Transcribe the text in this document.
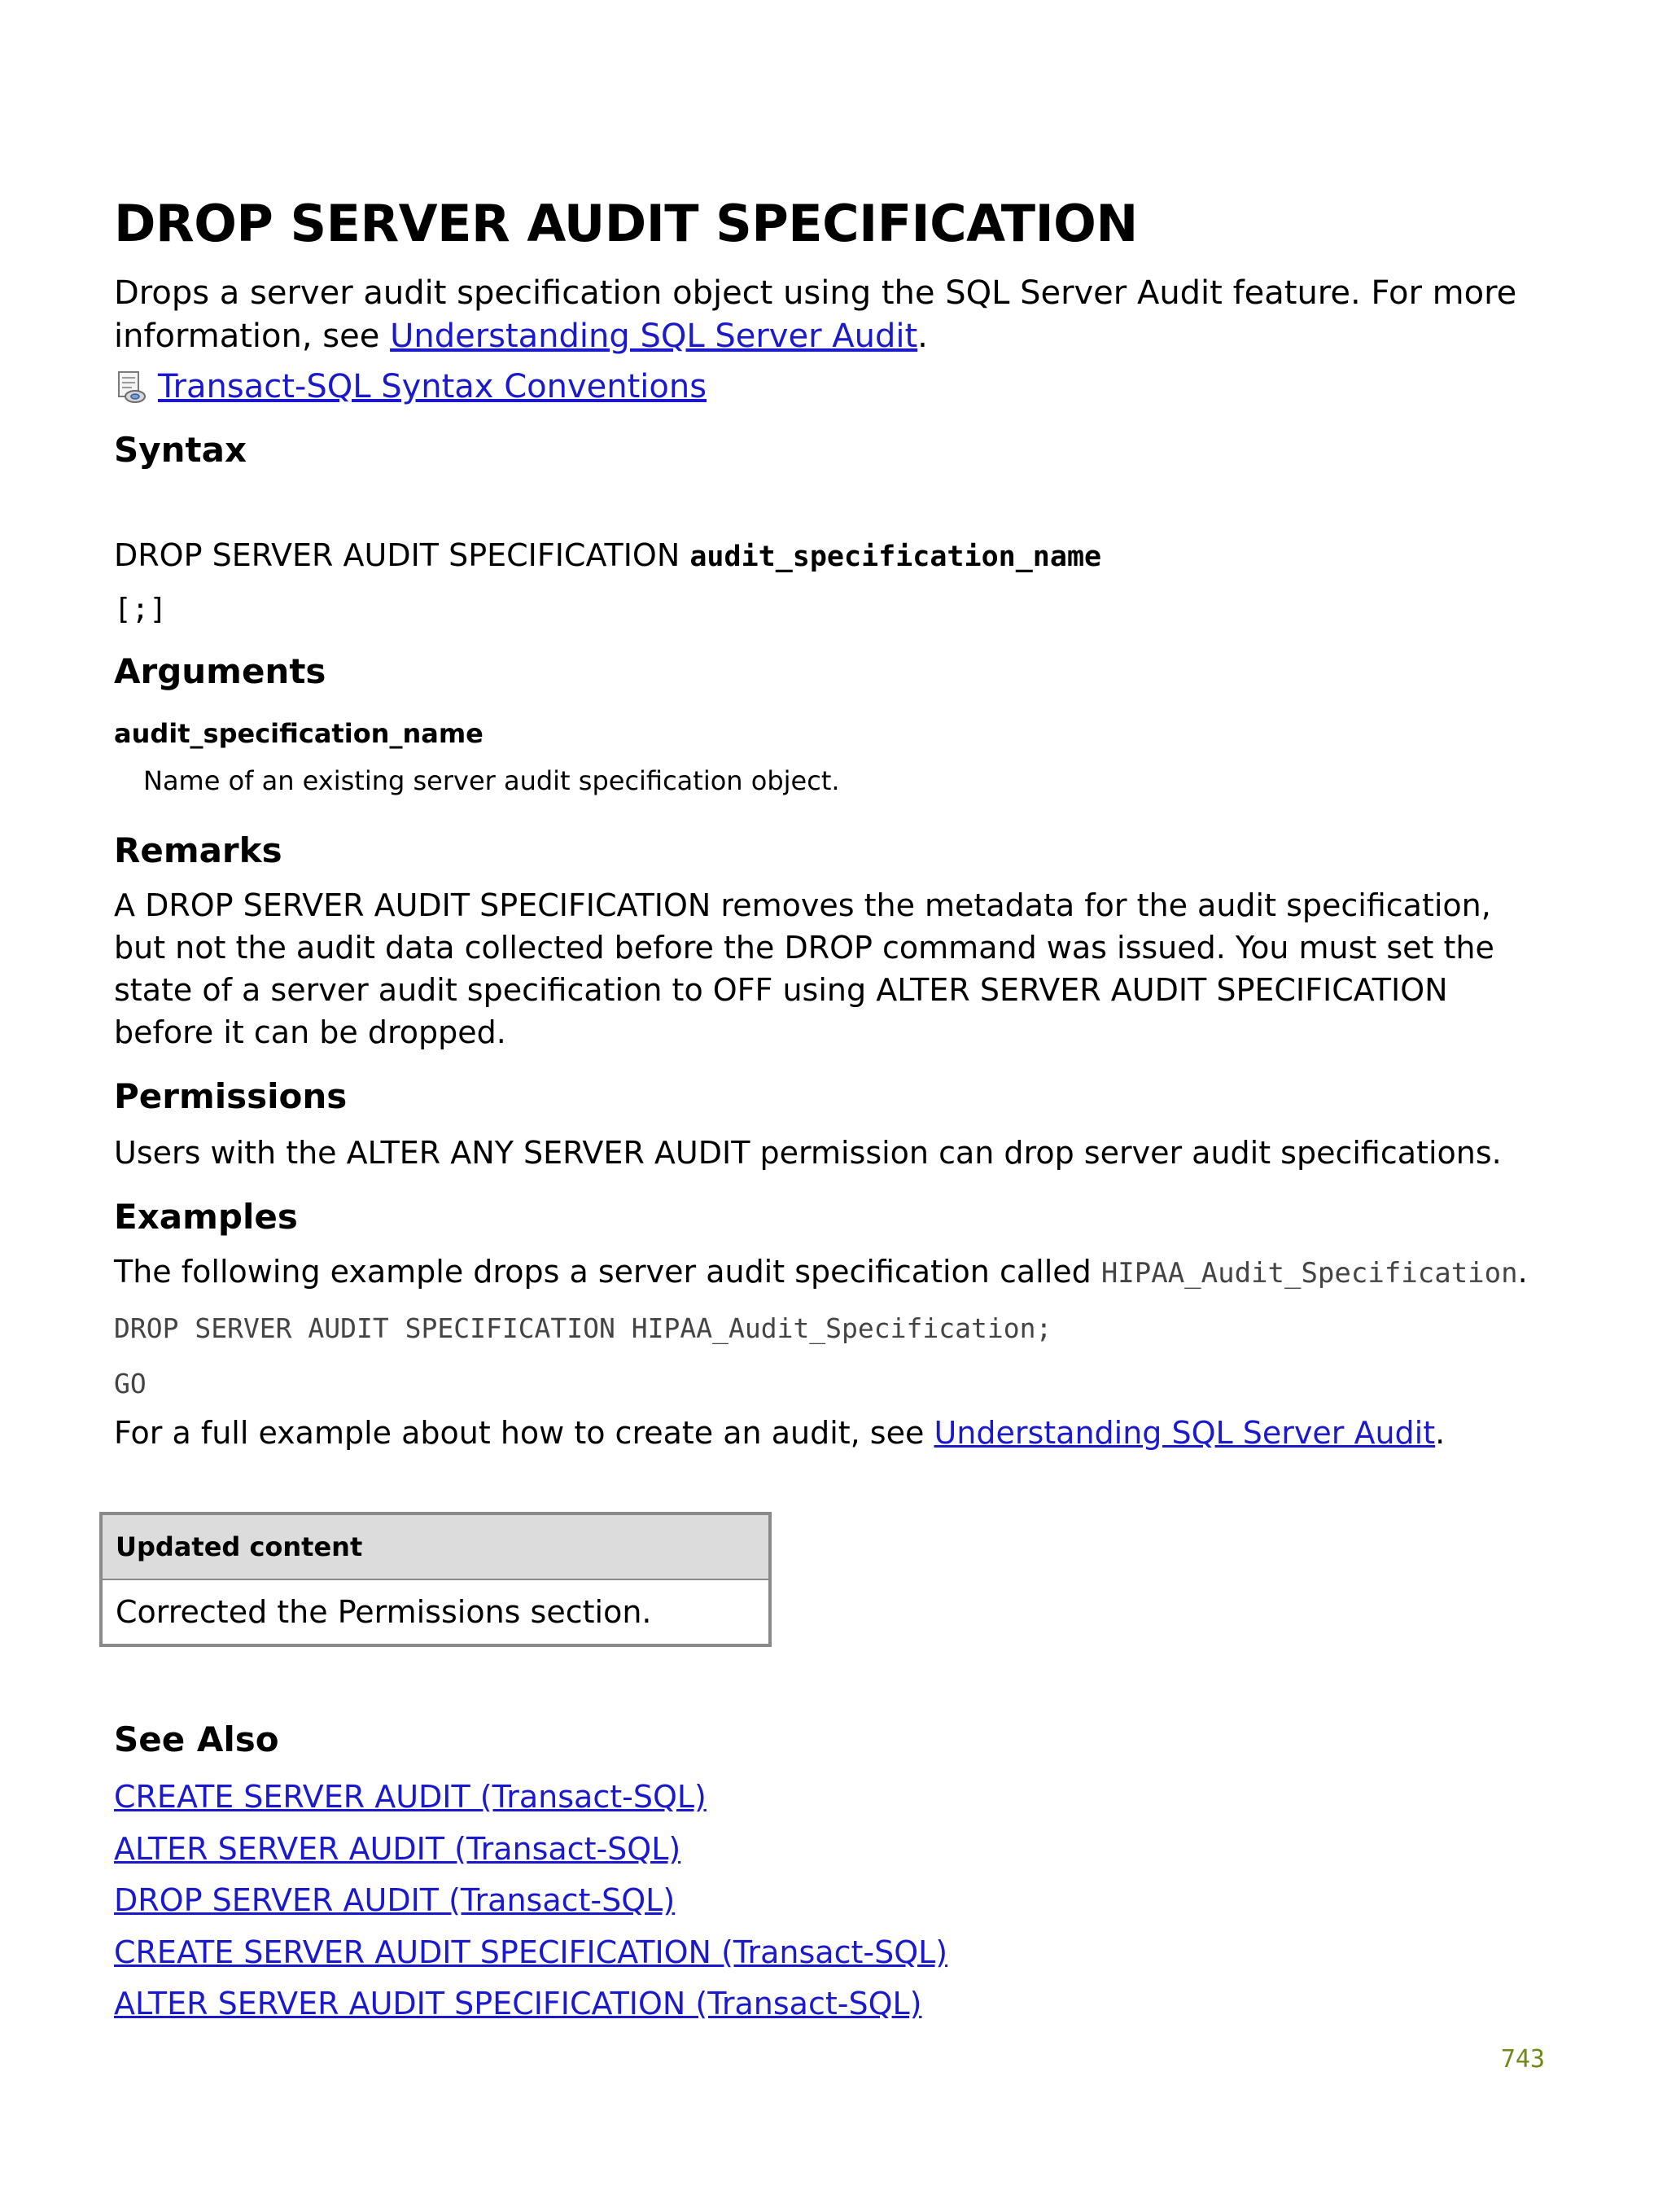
DROP SERVER AUDIT SPECIFICATION

Drops a server audit specification object using the SQL Server Audit feature. For more information, see Understanding SQL Server Audit.

Transact-SQL Syntax Conventions
Syntax
DROP SERVER AUDIT SPECIFICATION audit_specification_name
[;]
Arguments
audit_specification_name
Name of an existing server audit specification object.
Remarks

A DROP SERVER AUDIT SPECIFICATION removes the metadata for the audit specification, but not the audit data collected before the DROP command was issued. You must set the state of a server audit specification to OFF using ALTER SERVER AUDIT SPECIFICATION before it can be dropped.

Permissions

Users with the ALTER ANY SERVER AUDIT permission can drop server audit specifications.

Examples

The following example drops a server audit specification called HIPAA_Audit_Specification.

DROP SERVER AUDIT SPECIFICATION HIPAA_Audit_Specification;
GO

For a full example about how to create an audit, see Understanding SQL Server Audit.

Updated content
Corrected the Permissions section.
See Also
CREATE SERVER AUDIT (Transact-SQL)
ALTER SERVER AUDIT (Transact-SQL)
DROP SERVER AUDIT (Transact-SQL)
CREATE SERVER AUDIT SPECIFICATION (Transact-SQL)
ALTER SERVER AUDIT SPECIFICATION (Transact-SQL)
743
